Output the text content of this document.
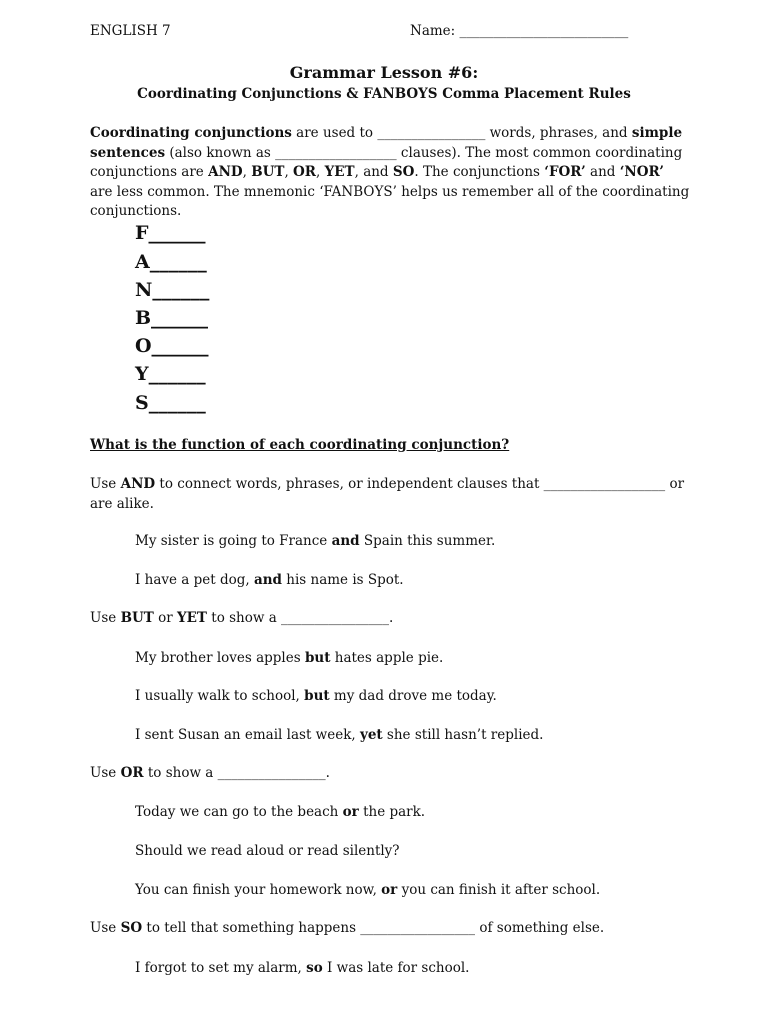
ENGLISH 7	Name: _________________________
Grammar Lesson #6:
Coordinating Conjunctions & FANBOYS Comma Placement Rules
Coordinating conjunctions are used to ________________ words, phrases, and simple sentences (also known as __________________ clauses). The most common coordinating conjunctions are AND, BUT, OR, YET, and SO. The conjunctions ‘FOR’ and ‘NOR’ are less common. The mnemonic ‘FANBOYS’ helps us remember all of the coordinating conjunctions.
F______
A______
N______
B______
O______
Y______
S______
What is the function of each coordinating conjunction?
Use AND to connect words, phrases, or independent clauses that __________________ or are alike.
My sister is going to France and Spain this summer.
I have a pet dog, and his name is Spot.
Use BUT or YET to show a ________________.
My brother loves apples but hates apple pie.
I usually walk to school, but my dad drove me today.
I sent Susan an email last week, yet she still hasn’t replied.
Use OR to show a ________________.
Today we can go to the beach or the park.
Should we read aloud or read silently?
You can finish your homework now, or you can finish it after school.
Use SO to tell that something happens _________________ of something else.
I forgot to set my alarm, so I was late for school.
